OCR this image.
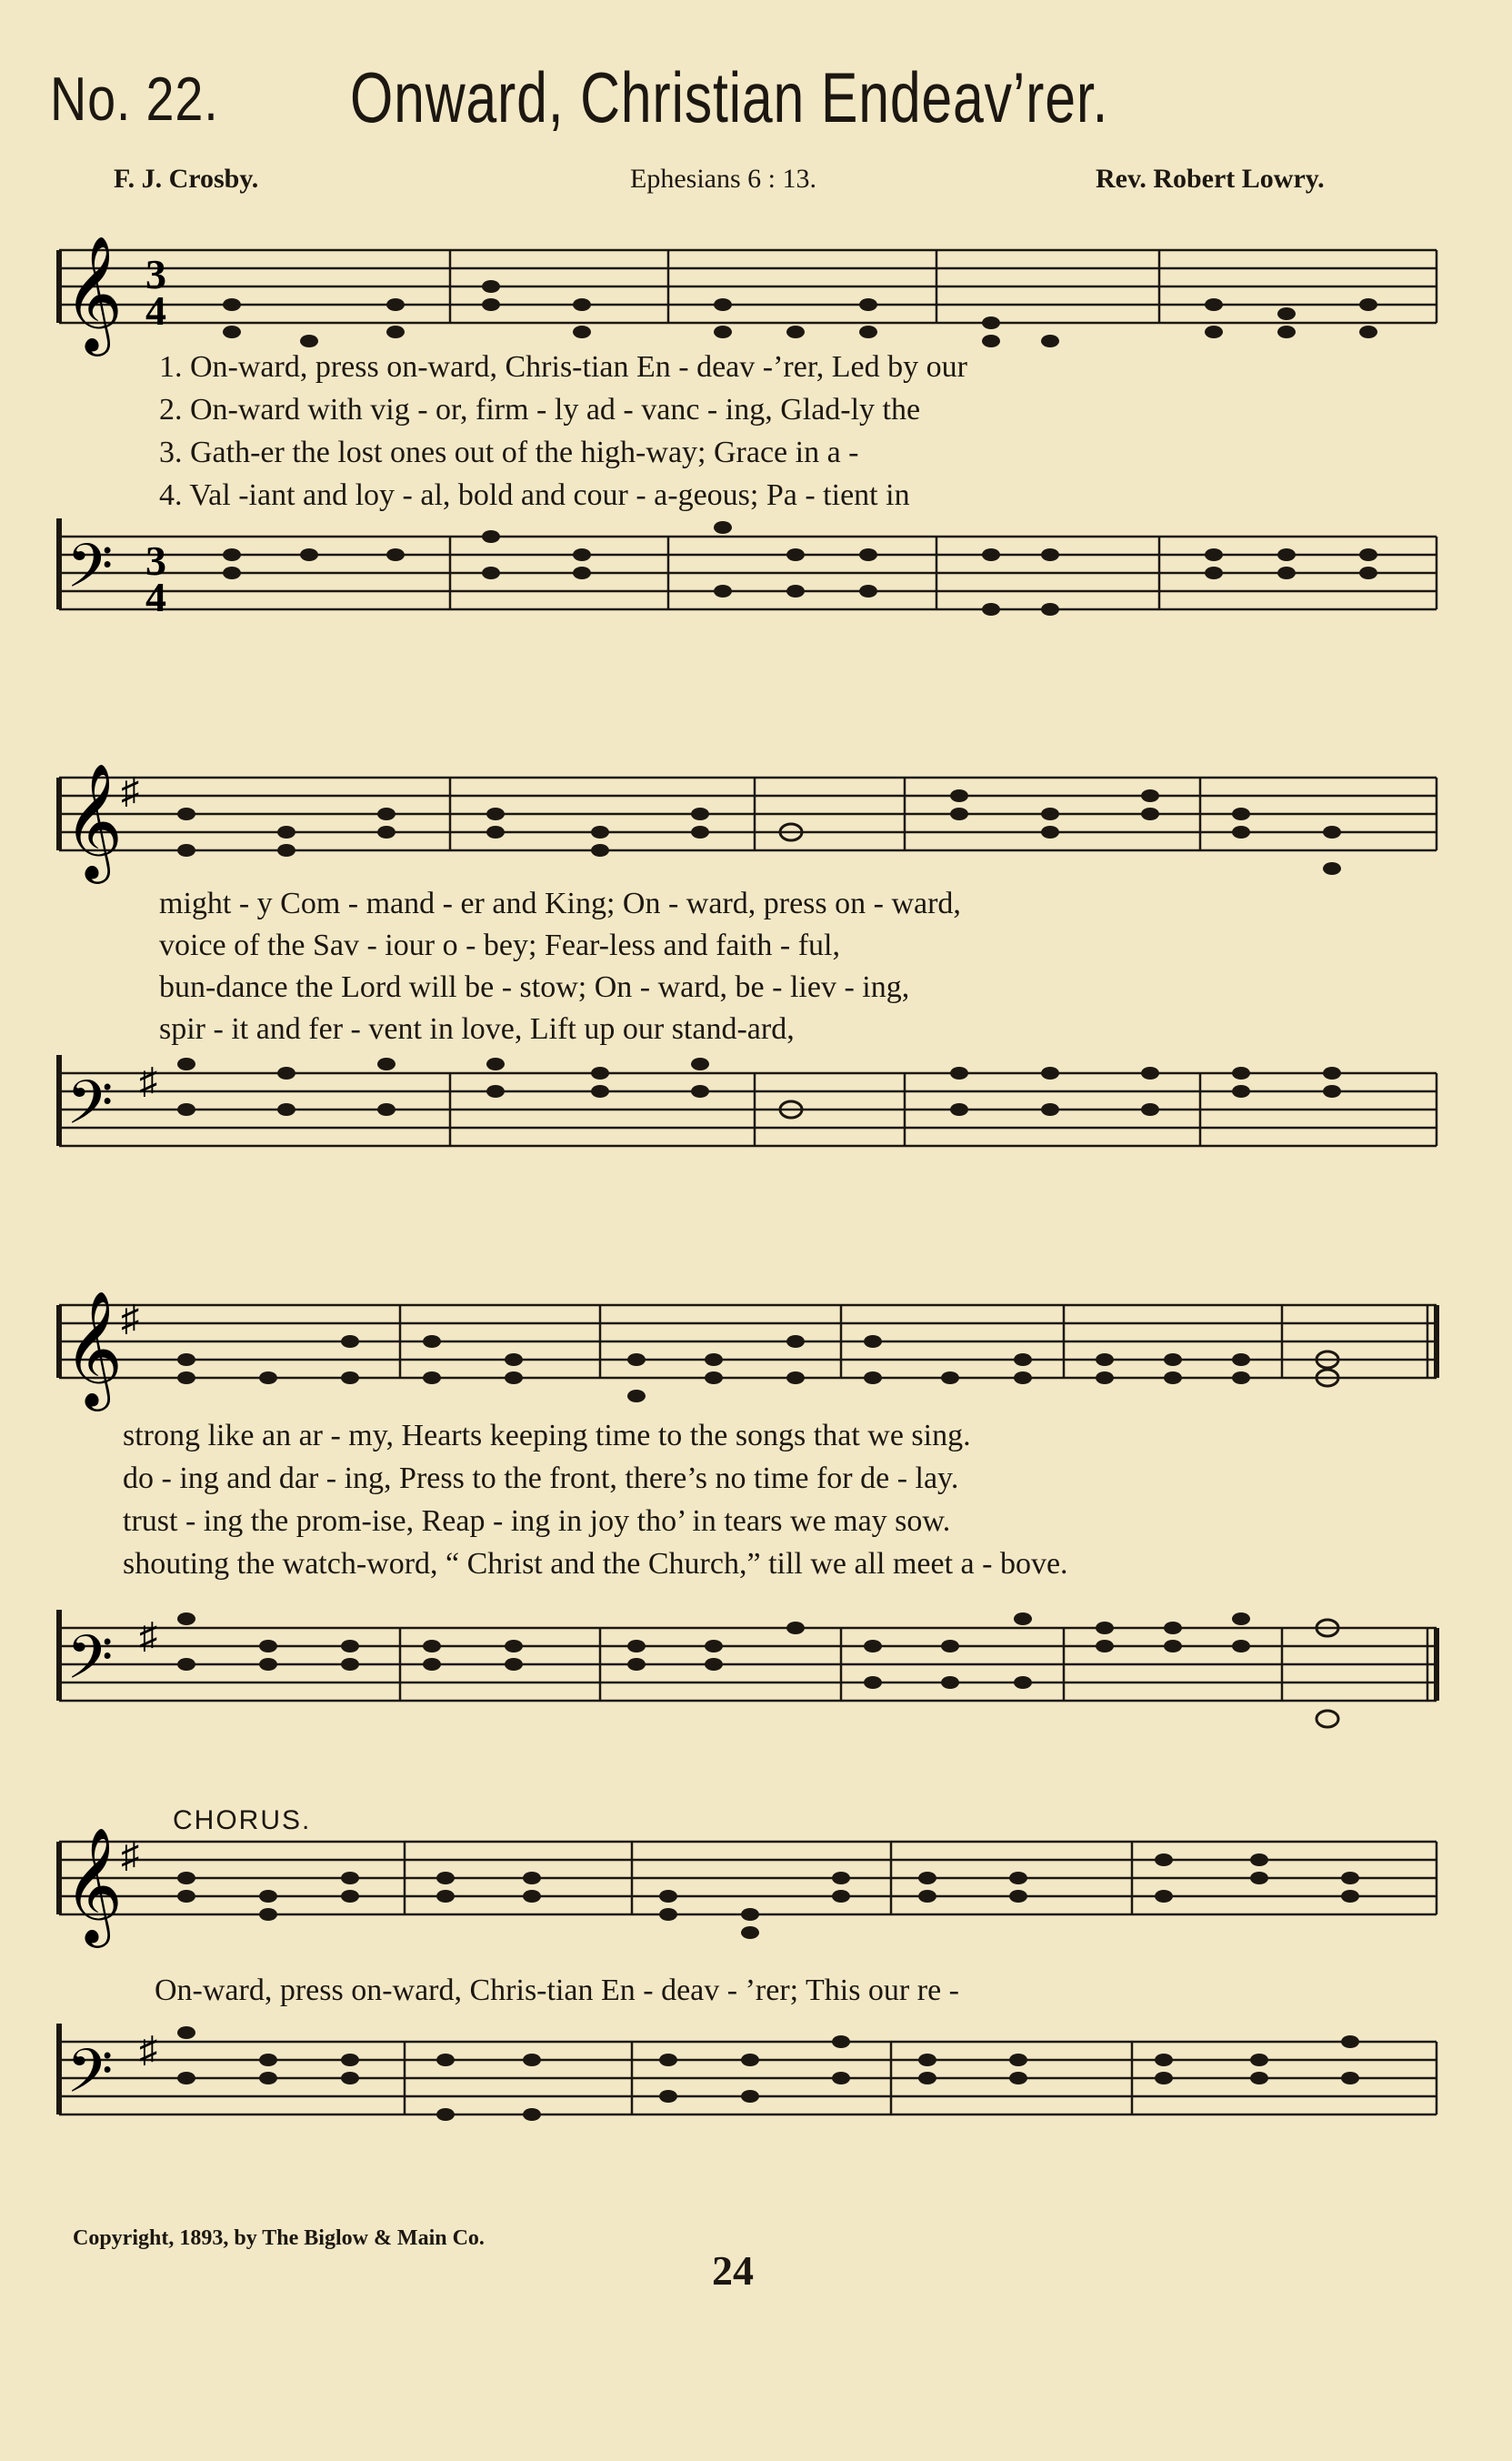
No. 22. Onward, Christian Endeav’rer.
F. J. Crosby.	Ephesians 6 : 13.	Rev. Robert Lowry.
𝄞 3
4
1. On-ward, press on-ward, Chris-tian En - deav -’rer, Led by our
2. On-ward with vig - or, firm - ly ad - vanc - ing, Glad-ly the
3. Gath-er the lost ones out of the high-way; Grace in a -
4. Val -iant and loy - al, bold and cour - a-geous; Pa - tient in
𝄢 3
4
𝄞
♯
might - y Com - mand - er and King; On - ward, press on - ward,
voice of the Sav - iour o - bey; Fear-less and faith - ful,
bun-dance the Lord will be - stow; On - ward, be - liev - ing,
spir - it and fer - vent in love, Lift up our stand-ard,
𝄢 ♯
𝄞
♯
strong like an ar - my, Hearts keeping time to the songs that we sing.
do - ing and dar - ing, Press to the front, there’s no time for de - lay.
trust - ing the prom-ise, Reap - ing in joy tho’ in tears we may sow.
shouting the watch-word, “ Christ and the Church,” till we all meet a - bove.
𝄢 ♯
CHORUS.
𝄞
♯
On-ward, press on-ward, Chris-tian En - deav - ’rer; This our re -
𝄢 ♯
Copyright, 1893, by The Biglow & Main Co.
24
